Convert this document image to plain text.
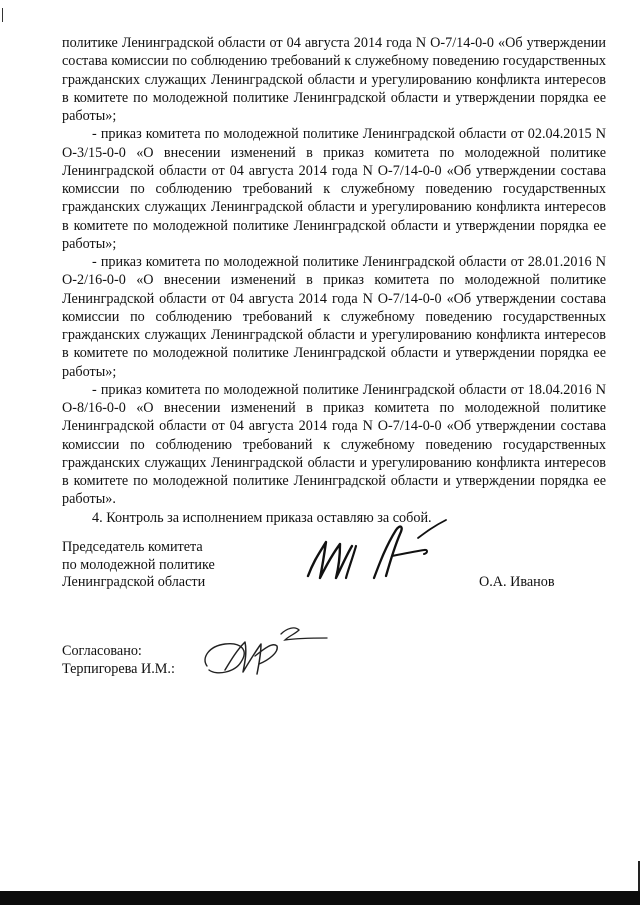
политике Ленинградской области от 04 августа 2014 года N О-7/14-0-0 «Об утверждении состава комиссии по соблюдению требований к служебному поведению государственных гражданских служащих Ленинградской области и урегулированию конфликта интересов в комитете по молодежной политике Ленинградской области и утверждении порядка ее работы»;

- приказ комитета по молодежной политике Ленинградской области от 02.04.2015 N О-3/15-0-0 «О внесении изменений в приказ комитета по молодежной политике Ленинградской области от 04 августа 2014 года N О-7/14-0-0 «Об утверждении состава комиссии по соблюдению требований к служебному поведению государственных гражданских служащих Ленинградской области и урегулированию конфликта интересов в комитете по молодежной политике Ленинградской области и утверждении порядка ее работы»;

- приказ комитета по молодежной политике Ленинградской области от 28.01.2016 N О-2/16-0-0 «О внесении изменений в приказ комитета по молодежной политике Ленинградской области от 04 августа 2014 года N О-7/14-0-0 «Об утверждении состава комиссии по соблюдению требований к служебному поведению государственных гражданских служащих Ленинградской области и урегулированию конфликта интересов в комитете по молодежной политике Ленинградской области и утверждении порядка ее работы»;

- приказ комитета по молодежной политике Ленинградской области от 18.04.2016 N О-8/16-0-0 «О внесении изменений в приказ комитета по молодежной политике Ленинградской области от 04 августа 2014 года N О-7/14-0-0 «Об утверждении состава комиссии по соблюдению требований к служебному поведению государственных гражданских служащих Ленинградской области и урегулированию конфликта интересов в комитете по молодежной политике Ленинградской области и утверждении порядка ее работы».

4. Контроль за исполнением приказа оставляю за собой.

Председатель комитета
по молодежной политике
Ленинградской области	О.А. Иванов
Согласовано:
Терпигорева И.М.:
